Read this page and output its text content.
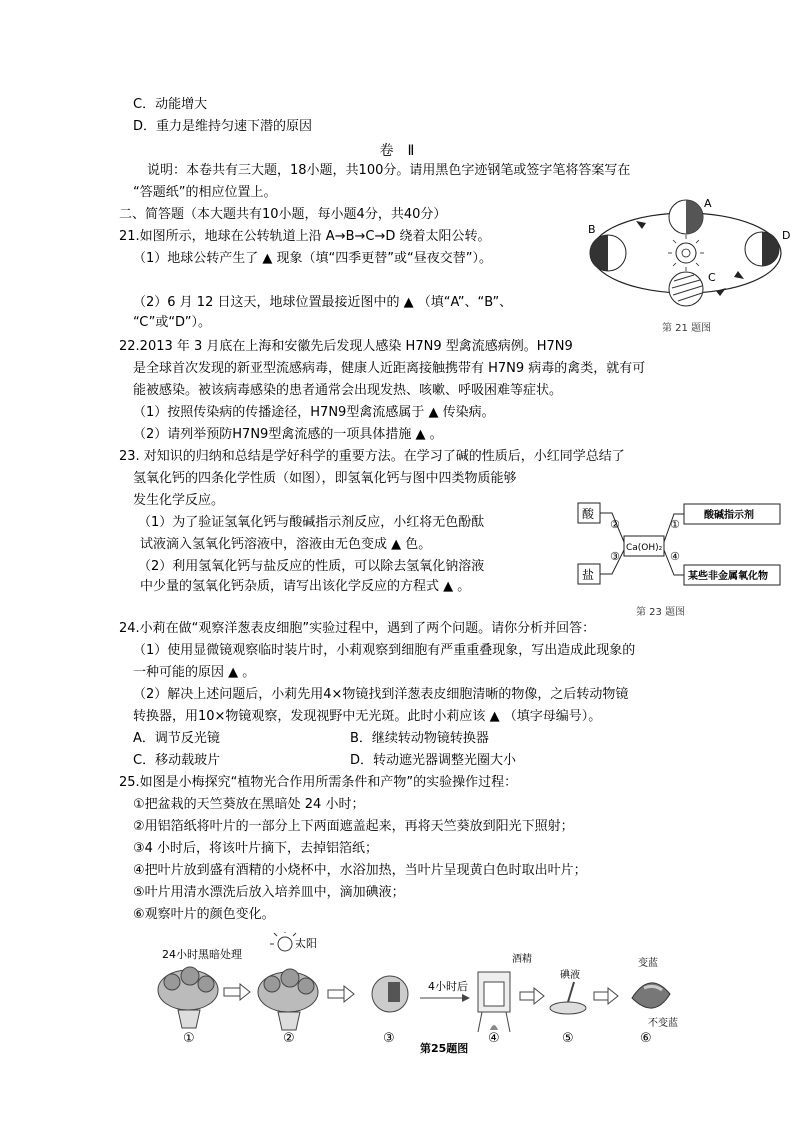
C．动能增大
D．重力是维持匀速下潜的原因
卷　Ⅱ
说明：本卷共有三大题，18小题，共100分。请用黑色字迹钢笔或签字笔将答案写在
“答题纸”的相应位置上。
二、简答题（本大题共有10小题，每小题4分，共40分）
21.如图所示，地球在公转轨道上沿 A→B→C→D 绕着太阳公转。
（1）地球公转产生了 ▲ 现象（填“四季更替”或“昼夜交替”）。
（2）6 月 12 日这天，地球位置最接近图中的 ▲ （填“A”、“B”、
“C”或“D”）。
A
B
C
D
第 21 题图
22.2013 年 3 月底在上海和安徽先后发现人感染 H7N9 型禽流感病例。H7N9
是全球首次发现的新亚型流感病毒，健康人近距离接触携带有 H7N9 病毒的禽类，就有可
能被感染。被该病毒感染的患者通常会出现发热、咳嗽、呼吸困难等症状。
（1）按照传染病的传播途径，H7N9型禽流感属于 ▲ 传染病。
（2）请列举预防H7N9型禽流感的一项具体措施 ▲ 。
23. 对知识的归纳和总结是学好科学的重要方法。在学习了碱的性质后，小红同学总结了
氢氧化钙的四条化学性质（如图），即氢氧化钙与图中四类物质能够
发生化学反应。
（1）为了验证氢氧化钙与酸碱指示剂反应，小红将无色酚酞
试液滴入氢氧化钙溶液中，溶液由无色变成 ▲ 色。
（2）利用氢氧化钙与盐反应的性质，可以除去氢氧化钠溶液
中少量的氢氧化钙杂质，请写出该化学反应的方程式 ▲ 。
酸
盐
Ca(OH)₂
酸碱指示剂
某些非金属氧化物
②	①
③	④
第 23 题图
24.小莉在做“观察洋葱表皮细胞”实验过程中，遇到了两个问题。请你分析并回答：
（1）使用显微镜观察临时装片时，小莉观察到细胞有严重重叠现象，写出造成此现象的
一种可能的原因 ▲ 。
（2）解决上述问题后，小莉先用4×物镜找到洋葱表皮细胞清晰的物像，之后转动物镜
转换器，用10×物镜观察，发现视野中无光斑。此时小莉应该 ▲ （填字母编号）。
A．调节反光镜	B．继续转动物镜转换器
C．移动载玻片	D．转动遮光器调整光圈大小
25.如图是小梅探究“植物光合作用所需条件和产物”的实验操作过程：
①把盆栽的天竺葵放在黑暗处 24 小时；
②用铝箔纸将叶片的一部分上下两面遮盖起来，再将天竺葵放到阳光下照射；
③4 小时后，将该叶片摘下，去掉铝箔纸；
④把叶片放到盛有酒精的小烧杯中，水浴加热，当叶片呈现黄白色时取出叶片；
⑤叶片用清水漂洗后放入培养皿中，滴加碘液；
⑥观察叶片的颜色变化。
24小时黑暗处理
太阳
4小时后
酒精
碘液
变蓝
不变蓝
①	②	③	④	⑤	⑥
第25题图
